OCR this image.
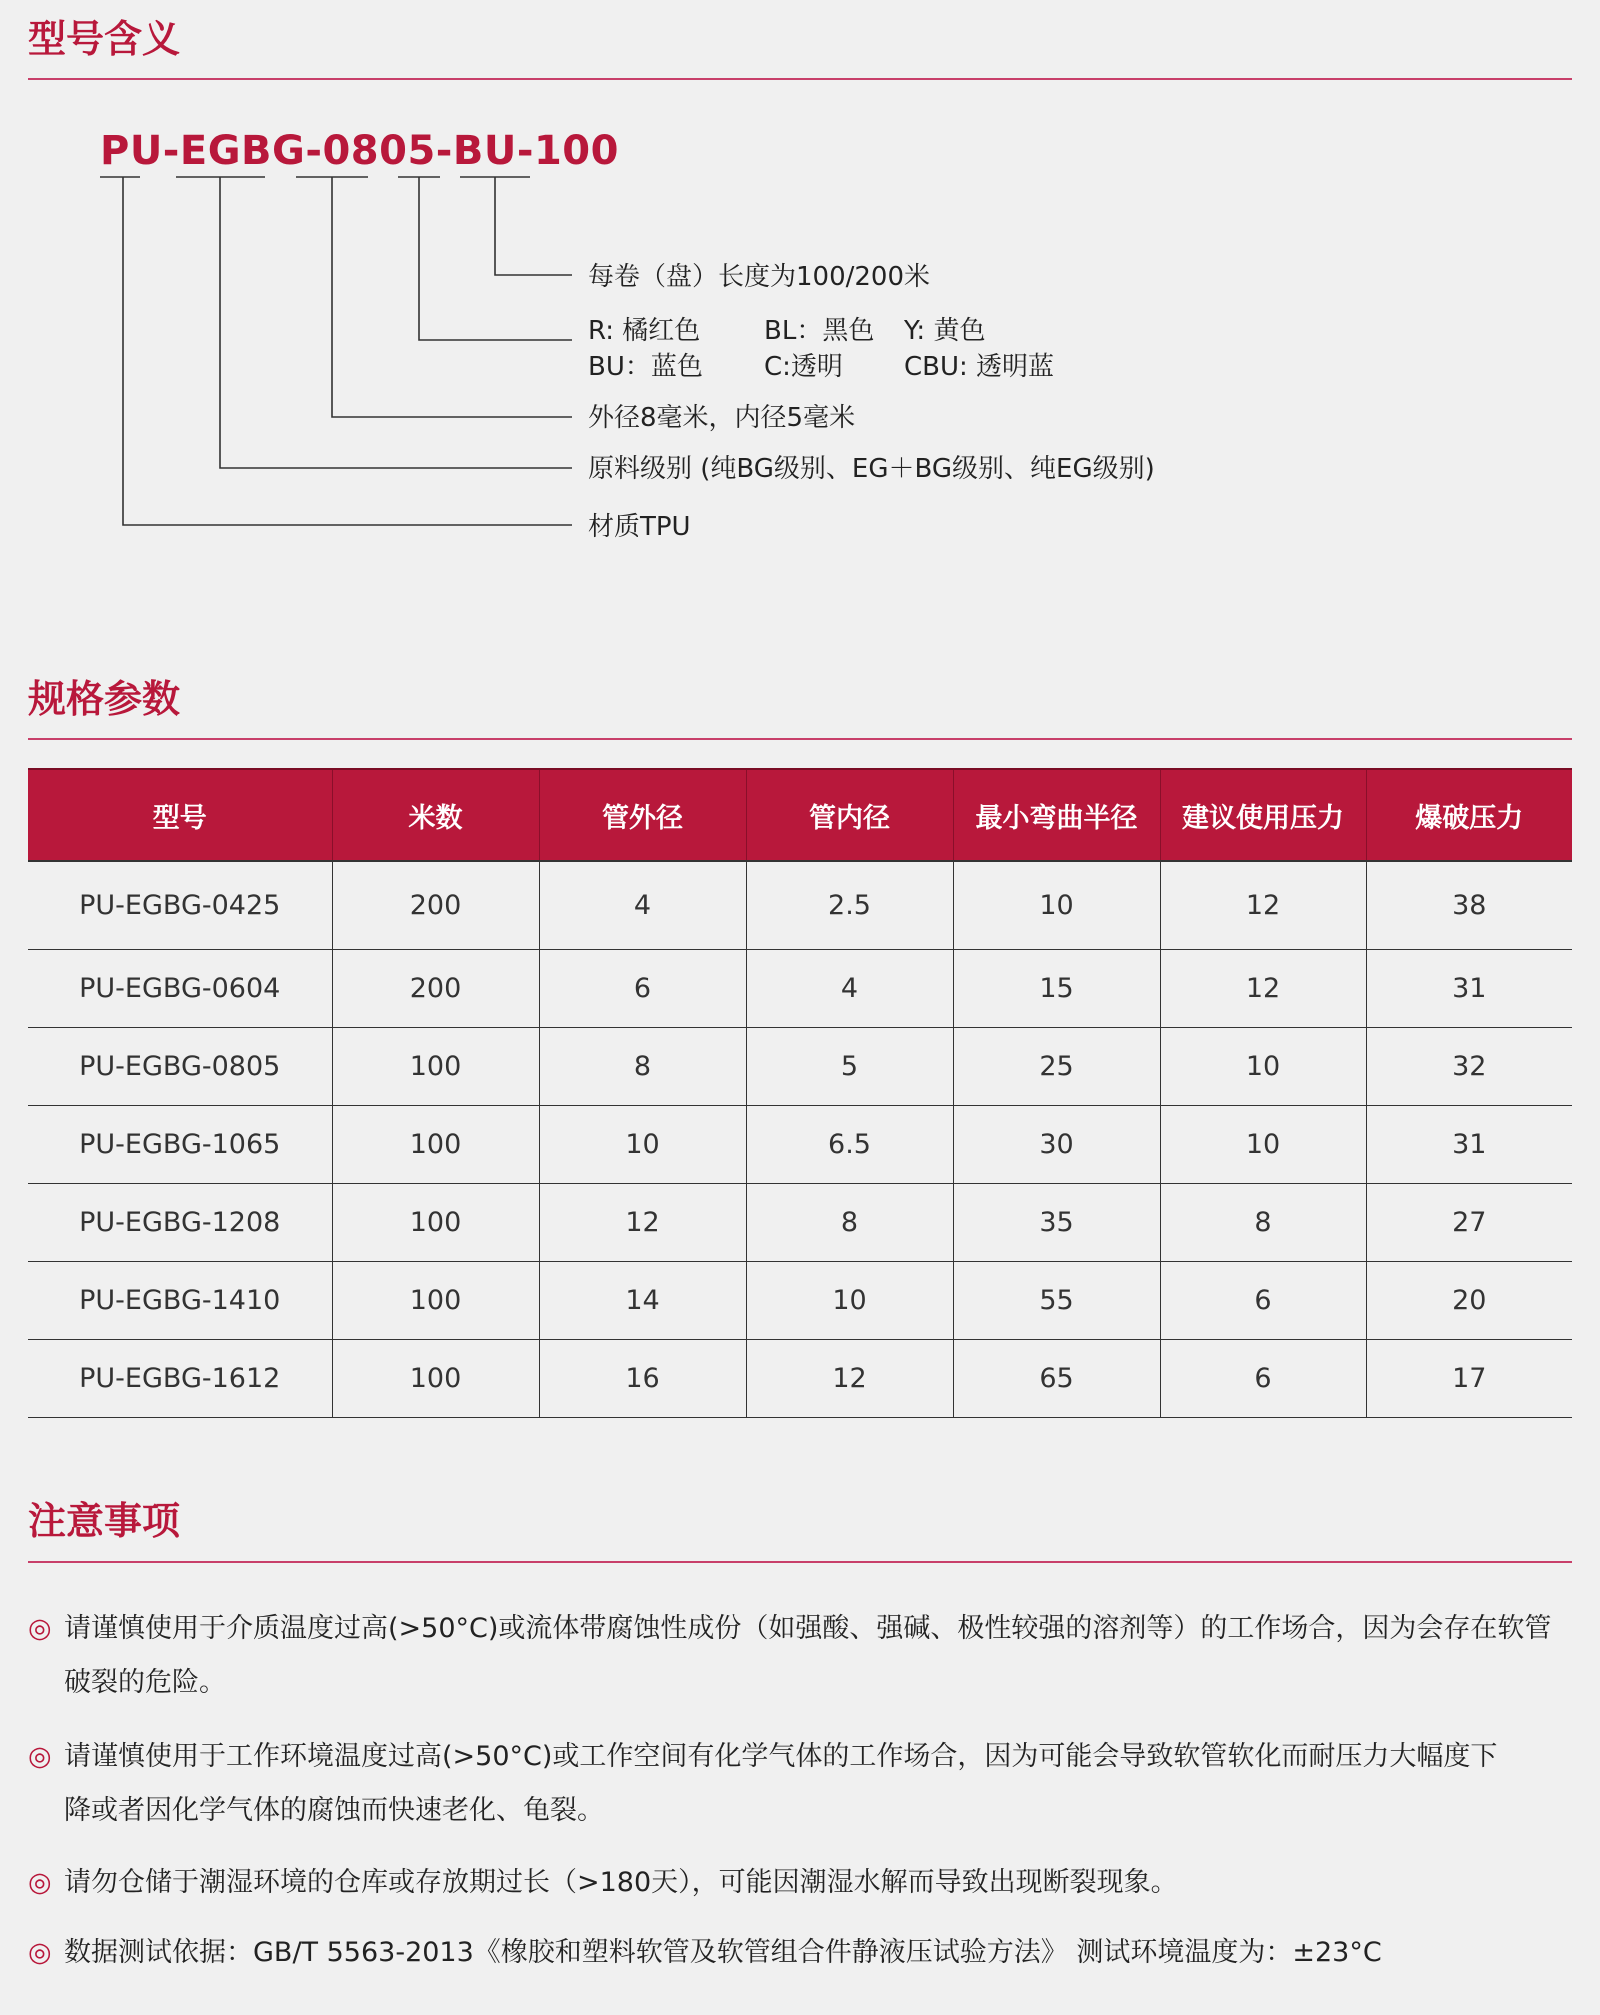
型号含义
PU-EGBG-0805-BU-100
每卷（盘）长度为100/200米
R: 橘红色 BL：黑色 Y: 黄色
BU：蓝色 C:透明 CBU: 透明蓝
外径8毫米，内径5毫米
原料级别 (纯BG级别、EG＋BG级别、纯EG级别)
材质TPU
规格参数
型号	米数	管外径	管内径	最小弯曲半径	建议使用压力	爆破压力
PU-EGBG-0425	200	4	2.5	10	12	38
PU-EGBG-0604	200	6	4	15	12	31
PU-EGBG-0805	100	8	5	25	10	32
PU-EGBG-1065	100	10	6.5	30	10	31
PU-EGBG-1208	100	12	8	35	8	27
PU-EGBG-1410	100	14	10	55	6	20
PU-EGBG-1612	100	16	12	65	6	17
注意事项
◎ 请谨慎使用于介质温度过高(>50°C)或流体带腐蚀性成份（如强酸、强碱、极性较强的溶剂等）的工作场合，因为会存在软管
破裂的危险。
◎ 请谨慎使用于工作环境温度过高(>50°C)或工作空间有化学气体的工作场合，因为可能会导致软管软化而耐压力大幅度下
降或者因化学气体的腐蚀而快速老化、龟裂。
◎ 请勿仓储于潮湿环境的仓库或存放期过长（>180天），可能因潮湿水解而导致出现断裂现象。
◎ 数据测试依据：GB/T 5563-2013《橡胶和塑料软管及软管组合件静液压试验方法》 测试环境温度为：±23°C
